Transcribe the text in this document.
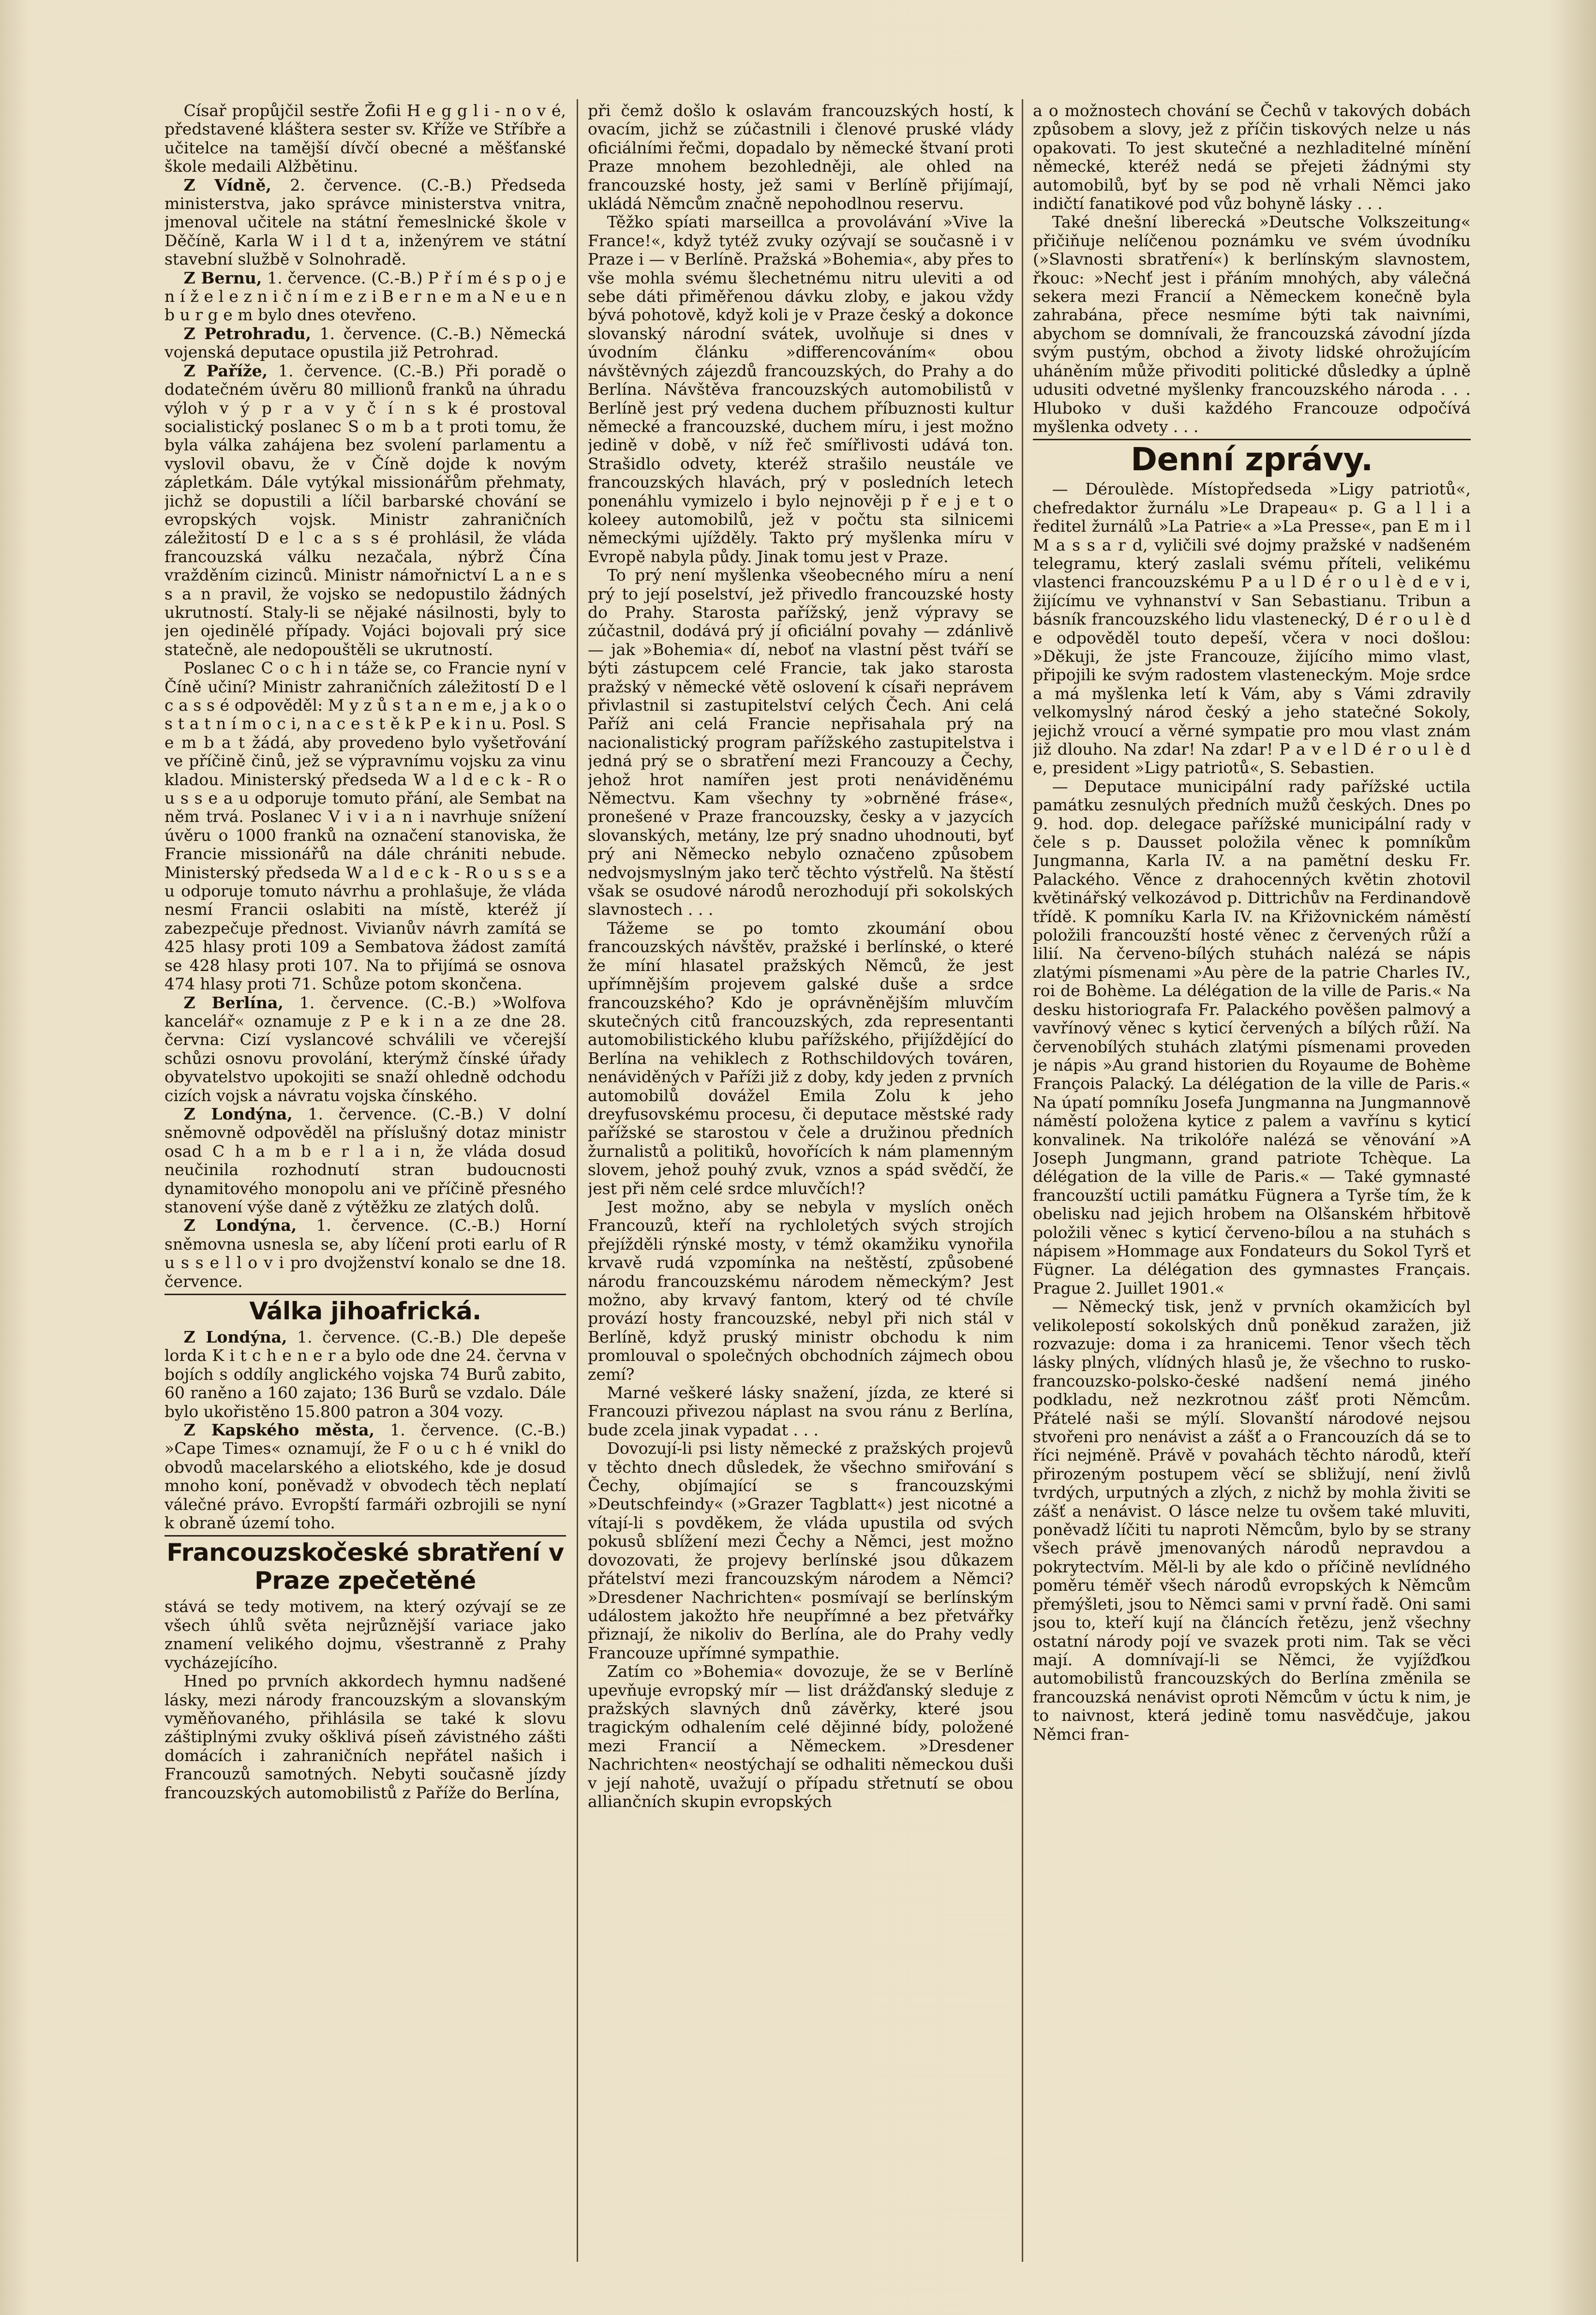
Císař propůjčil sestře Žofii H e g g l i - n o v é, představené kláštera sester sv. Kříže ve Stříbře a učitelce na tamější dívčí obecné a měšťanské škole medaili Alžbětinu.

Z Vídně, 2. července. (C.-B.) Předseda ministerstva, jako správce ministerstva vnitra, jmenoval učitele na státní řemeslnické škole v Děčíně, Karla W i l d t a, inženýrem ve státní stavební službě v Solnohradě.

Z Bernu, 1. července. (C.-B.) P ř í m é s p o j e n í ž e l e z n i č n í m e z i B e r n e m a N e u e n b u r g e m bylo dnes otevřeno.

Z Petrohradu, 1. července. (C.-B.) Německá vojenská deputace opustila již Petrohrad.

Z Paříže, 1. července. (C.-B.) Při poradě o dodatečném úvěru 80 millionů franků na úhradu výloh v ý p r a v y č í n s k é prostoval socialistický poslanec S o m b a t proti tomu, že byla válka zahájena bez svolení parlamentu a vyslovil obavu, že v Číně dojde k novým zápletkám. Dále vytýkal missionářům přehmaty, jichž se dopustili a líčil barbarské chování se evropských vojsk. Ministr zahraničních záležitostí D e l c a s s é prohlásil, že vláda francouzská válku nezačala, nýbrž Čína vražděním cizinců. Ministr námořnictví L a n e s s a n pravil, že vojsko se nedopustilo žádných ukrutností. Staly-li se nějaké násilnosti, byly to jen ojedinělé případy. Vojáci bojovali prý sice statečně, ale nedopouštěli se ukrutností.

Poslanec C o c h i n táže se, co Francie nyní v Číně učiní? Ministr zahraničních záležitostí D e l c a s s é odpověděl: M y z ů s t a n e m e, j a k o o s t a t n í m o c i, n a c e s t ě k P e k i n u. Posl. S e m b a t žádá, aby provedeno bylo vyšetřování ve příčině činů, jež se výpravnímu vojsku za vinu kladou. Ministerský předseda W a l d e c k - R o u s s e a u odporuje tomuto přání, ale Sembat na něm trvá. Poslanec V i v i a n i navrhuje snížení úvěru o 1000 franků na označení stanoviska, že Francie missionářů na dále chrániti nebude. Ministerský předseda W a l d e c k - R o u s s e a u odporuje tomuto návrhu a prohlašuje, že vláda nesmí Francii oslabiti na místě, kteréž jí zabezpečuje přednost. Vivianův návrh zamítá se 425 hlasy proti 109 a Sembatova žádost zamítá se 428 hlasy proti 107. Na to přijímá se osnova 474 hlasy proti 71. Schůze potom skončena.

Z Berlína, 1. července. (C.-B.) »Wolfova kancelář« oznamuje z P e k i n a ze dne 28. června: Cizí vyslancové schválili ve včerejší schůzi osnovu provolání, kterýmž čínské úřady obyvatelstvo upokojiti se snaží ohledně odchodu cizích vojsk a návratu vojska čínského.

Z Londýna, 1. července. (C.-B.) V dolní sněmovně odpověděl na příslušný dotaz ministr osad C h a m b e r l a i n, že vláda dosud neučinila rozhodnutí stran budoucnosti dynamitového monopolu ani ve příčině přesného stanovení výše daně z výtěžku ze zlatých dolů.

Z Londýna, 1. července. (C.-B.) Horní sněmovna usnesla se, aby líčení proti earlu of R u s s e l l o v i pro dvojženství konalo se dne 18. července.

Válka jihoafrická.

Z Londýna, 1. července. (C.-B.) Dle depeše lorda K i t c h e n e r a bylo ode dne 24. června v bojích s oddíly anglického vojska 74 Burů zabito, 60 raněno a 160 zajato; 136 Burů se vzdalo. Dále bylo ukořistěno 15.800 patron a 304 vozy.

Z Kapského města, 1. července. (C.-B.) »Cape Times« oznamují, že F o u c h é vnikl do obvodů macelarského a eliotského, kde je dosud mnoho koní, poněvadž v obvodech těch neplatí válečné právo. Evropští farmáři ozbrojili se nyní k obraně území toho.

Francouzskočeské sbratření v Praze zpečetěné

stává se tedy motivem, na který ozývají se ze všech úhlů světa nejrůznější variace jako znamení velikého dojmu, všestranně z Prahy vycházejícího.

Hned po prvních akkordech hymnu nadšené lásky, mezi národy francouzským a slovanským vyměňovaného, přihlásila se také k slovu záštiplnými zvuky ošklivá píseň závistného zášti domácích i zahraničních nepřátel našich i Francouzů samotných. Nebyti současně jízdy francouzských automobilistů z Paříže do Berlína,

při čemž došlo k oslavám francouzských hostí, k ovacím, jichž se zúčastnili i členové pruské vlády oficiálními řečmi, dopadalo by německé štvaní proti Praze mnohem bezohledněji, ale ohled na francouzské hosty, jež sami v Berlíně přijímají, ukládá Němcům značně nepohodlnou reservu.

Těžko spíati marseillca a provolávání »Vive la France!«, když tytéž zvuky ozývají se současně i v Praze i — v Berlíně. Pražská »Bohemia«, aby přes to vše mohla svému šlechetnému nitru uleviti a od sebe dáti přiměřenou dávku zloby, e jakou vždy bývá pohotově, když koli je v Praze český a dokonce slovanský národní svátek, uvolňuje si dnes v úvodním článku »differencováním« obou návštěvných zájezdů francouzských, do Prahy a do Berlína. Návštěva francouzských automobilistů v Berlíně jest prý vedena duchem příbuznosti kultur německé a francouzské, duchem míru, i jest možno jedině v době, v níž řeč smířlivosti udává ton. Strašidlo odvety, kteréž strašilo neustále ve francouzských hlavách, prý v posledních letech ponenáhlu vymizelo i bylo nejnověji p ř e j e t o koleey automobilů, jež v počtu sta silnicemi německými ujížděly. Takto prý myšlenka míru v Evropě nabyla půdy. Jinak tomu jest v Praze.

To prý není myšlenka všeobecného míru a není prý to její poselství, jež přivedlo francouzské hosty do Prahy. Starosta pařížský, jenž výpravy se zúčastnil, dodává prý jí oficiální povahy — zdánlivě — jak »Bohemia« dí, neboť na vlastní pěst tváří se býti zástupcem celé Francie, tak jako starosta pražský v německé větě oslovení k císaři neprávem přivlastnil si zastupitelství celých Čech. Ani celá Paříž ani celá Francie nepřisahala prý na nacionalistický program pařížského zastupitelstva i jedná prý se o sbratření mezi Francouzy a Čechy, jehož hrot namířen jest proti nenáviděnému Němectvu. Kam všechny ty »obrněné fráse«, pronešené v Praze francouzsky, česky a v jazycích slovanských, metány, lze prý snadno uhodnouti, byť prý ani Německo nebylo označeno způsobem nedvojsmyslným jako terč těchto výstřelů. Na štěstí však se osudové národů nerozhodují při sokolských slavnostech . . .

Tážeme se po tomto zkoumání obou francouzských návštěv, pražské i berlínské, o které že míní hlasatel pražských Němců, že jest upřímnějším projevem galské duše a srdce francouzského? Kdo je oprávněnějším mluvčím skutečných citů francouzských, zda representanti automobilistického klubu pařížského, přijíždějící do Berlína na vehiklech z Rothschildových továren, nenáviděných v Paříži již z doby, kdy jeden z prvních automobilů dovážel Emila Zolu k jeho dreyfusovskému procesu, či deputace městské rady pařížské se starostou v čele a družinou předních žurnalistů a politiků, hovořících k nám plamenným slovem, jehož pouhý zvuk, vznos a spád svědčí, že jest při něm celé srdce mluvčích!?

Jest možno, aby se nebyla v myslích oněch Francouzů, kteří na rychloletých svých strojích přejížděli rýnské mosty, v témž okamžiku vynořila krvavě rudá vzpomínka na neštěstí, způsobené národu francouzskému národem německým? Jest možno, aby krvavý fantom, který od té chvíle provází hosty francouzské, nebyl při nich stál v Berlíně, když pruský ministr obchodu k nim promlouval o společných obchodních zájmech obou zemí?

Marné veškeré lásky snažení, jízda, ze které si Francouzi přivezou náplast na svou ránu z Berlína, bude zcela jinak vypadat . . .

Dovozují-li psi listy německé z pražských projevů v těchto dnech důsledek, že všechno smiřování s Čechy, objímající se s francouzskými »Deutschfeindy« (»Grazer Tagblatt«) jest nicotné a vítají-li s povděkem, že vláda upustila od svých pokusů sblížení mezi Čechy a Němci, jest možno dovozovati, že projevy berlínské jsou důkazem přátelství mezi francouzským národem a Němci? »Dresdener Nachrichten« posmívají se berlínským událostem jakožto hře neupřímné a bez přetvářky přiznají, že nikoliv do Berlína, ale do Prahy vedly Francouze upřímné sympathie.

Zatím co »Bohemia« dovozuje, že se v Berlíně upevňuje evropský mír — list drážďanský sleduje z pražských slavných dnů závěrky, které jsou tragickým odhalením celé dějinné bídy, položené mezi Francií a Německem. »Dresdener Nachrichten« neostýchají se odhaliti německou duši v její nahotě, uvažují o případu střetnutí se obou alliančních skupin evropských

a o možnostech chování se Čechů v takových dobách způsobem a slovy, jež z příčin tiskových nelze u nás opakovati. To jest skutečné a nezhladitelné mínění německé, kteréž nedá se přejeti žádnými sty automobilů, byť by se pod ně vrhali Němci jako indičtí fanatikové pod vůz bohyně lásky . . .

Také dnešní liberecká »Deutsche Volkszeitung« přičiňuje nelíčenou poznámku ve svém úvodníku (»Slavnosti sbratření«) k berlínským slavnostem, řkouc: »Nechť jest i přáním mnohých, aby válečná sekera mezi Francií a Německem konečně byla zahrabána, přece nesmíme býti tak naivními, abychom se domnívali, že francouzská závodní jízda svým pustým, obchod a životy lidské ohrožujícím uháněním může přivoditi politické důsledky a úplně udusiti odvetné myšlenky francouzského národa . . . Hluboko v duši každého Francouze odpočívá myšlenka odvety . . .

Denní zprávy.

— Déroulède. Místopředseda »Ligy patriotů«, chefredaktor žurnálu »Le Drapeau« p. G a l l i a ředitel žurnálů »La Patrie« a »La Presse«, pan E m i l M a s s a r d, vyličili své dojmy pražské v nadšeném telegramu, který zaslali svému příteli, velikému vlastenci francouzskému P a u l D é r o u l è d e v i, žijícímu ve vyhnanství v San Sebastianu. Tribun a básník francouzského lidu vlastenecký, D é r o u l è d e odpověděl touto depeší, včera v noci došlou: »Děkuji, že jste Francouze, žijícího mimo vlast, připojili ke svým radostem vlasteneckým. Moje srdce a má myšlenka letí k Vám, aby s Vámi zdravily velkomyslný národ český a jeho statečné Sokoly, jejichž vroucí a věrné sympatie pro mou vlast znám již dlouho. Na zdar! Na zdar! P a v e l D é r o u l è d e, president »Ligy patriotů«, S. Sebastien.

— Deputace municipální rady pařížské uctila památku zesnulých předních mužů českých. Dnes po 9. hod. dop. delegace pařížské municipální rady v čele s p. Dausset položila věnec k pomníkům Jungmanna, Karla IV. a na pamětní desku Fr. Palackého. Věnce z drahocenných květin zhotovil květinářský velkozávod p. Dittrichův na Ferdinandově třídě. K pomníku Karla IV. na Křižovnickém náměstí položili francouzští hosté věnec z červených růží a lilií. Na červeno-bílých stuhách nalézá se nápis zlatými písmenami »Au père de la patrie Charles IV., roi de Bohème. La délégation de la ville de Paris.« Na desku historiografa Fr. Palackého pověšen palmový a vavřínový věnec s kyticí červených a bílých růží. Na červenobílých stuhách zlatými písmenami proveden je nápis »Au grand historien du Royaume de Bohème François Palacký. La délégation de la ville de Paris.« Na úpatí pomníku Josefa Jungmanna na Jungmannově náměstí položena kytice z palem a vavřínu s kyticí konvalinek. Na trikolóře nalézá se věnování »A Joseph Jungmann, grand patriote Tchèque. La délégation de la ville de Paris.« — Také gymnasté francouzští uctili památku Fügnera a Tyrše tím, že k obelisku nad jejich hrobem na Olšanském hřbitově položili věnec s kyticí červeno-bílou a na stuhách s nápisem »Hommage aux Fondateurs du Sokol Tyrš et Fügner. La délégation des gymnastes Français. Prague 2. Juillet 1901.«

— Německý tisk, jenž v prvních okamžicích byl velikolepostí sokolských dnů poněkud zaražen, již rozvazuje: doma i za hranicemi. Tenor všech těch lásky plných, vlídných hlasů je, že všechno to rusko-francouzsko-polsko-české nadšení nemá jiného podkladu, než nezkrotnou zášť proti Němcům. Přátelé naši se mýlí. Slovanští národové nejsou stvořeni pro nenávist a zášť a o Francouzích dá se to říci nejméně. Právě v povahách těchto národů, kteří přirozeným postupem věcí se sbližují, není živlů tvrdých, urputných a zlých, z nichž by mohla živiti se zášť a nenávist. O lásce nelze tu ovšem také mluviti, poněvadž líčiti tu naproti Němcům, bylo by se strany všech právě jmenovaných národů nepravdou a pokrytectvím. Měl-li by ale kdo o příčině nevlídného poměru téměř všech národů evropských k Němcům přemýšleti, jsou to Němci sami v první řadě. Oni sami jsou to, kteří kují na článcích řetězu, jenž všechny ostatní národy pojí ve svazek proti nim. Tak se věci mají. A domnívají-li se Němci, že vyjížďkou automobilistů francouzských do Berlína změnila se francouzská nenávist oproti Němcům v úctu k nim, je to naivnost, která jedině tomu nasvědčuje, jakou Němci fran-
